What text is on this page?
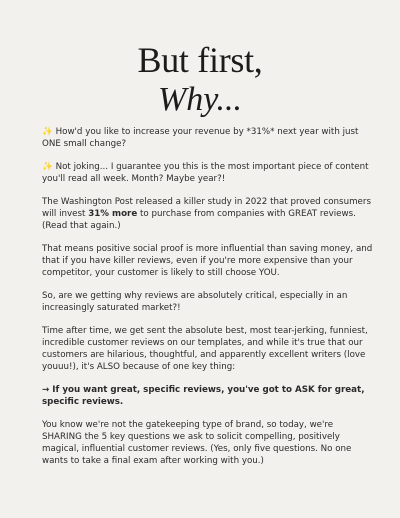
But first,
Why...

✨ How'd you like to increase your revenue by *31%* next year with just ONE small change?

✨ Not joking... I guarantee you this is the most important piece of content you'll read all week. Month? Maybe year?!

The Washington Post released a killer study in 2022 that proved consumers will invest 31% more to purchase from companies with GREAT reviews. (Read that again.)

That means positive social proof is more influential than saving money, and that if you have killer reviews, even if you're more expensive than your competitor, your customer is likely to still choose YOU.

So, are we getting why reviews are absolutely critical, especially in an increasingly saturated market?!

Time after time, we get sent the absolute best, most tear-jerking, funniest, incredible customer reviews on our templates, and while it's true that our customers are hilarious, thoughtful, and apparently excellent writers (love youuu!), it's ALSO because of one key thing:

→ If you want great, specific reviews, you've got to ASK for great, specific reviews.

You know we're not the gatekeeping type of brand, so today, we're SHARING the 5 key questions we ask to solicit compelling, positively magical, influential customer reviews. (Yes, only five questions. No one wants to take a final exam after working with you.)
